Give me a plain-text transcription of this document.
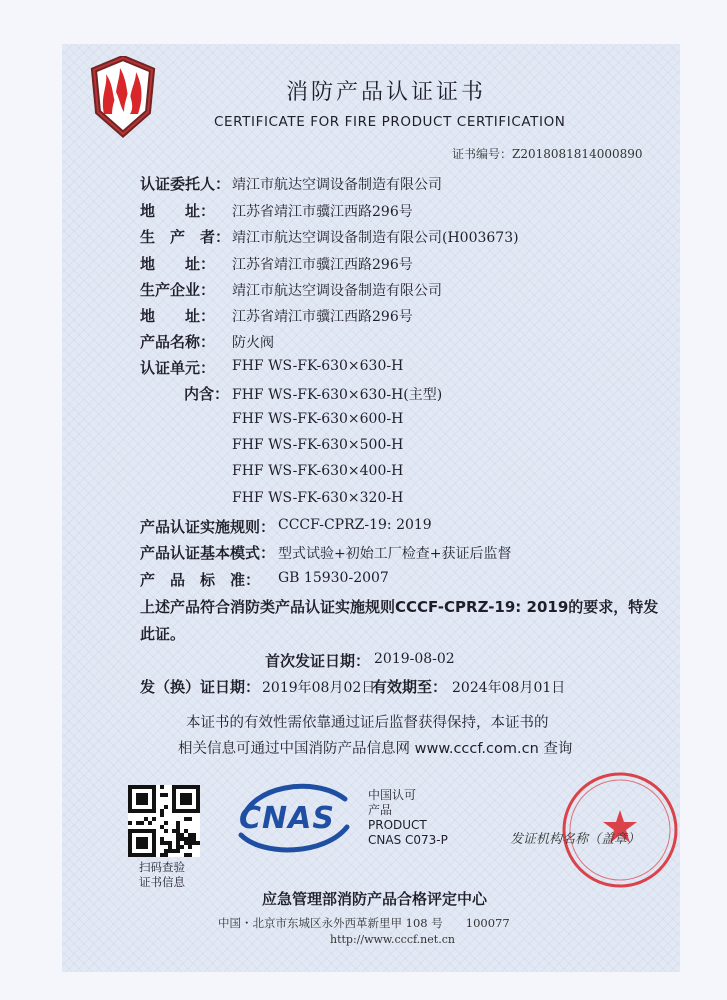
消防产品认证证书
CERTIFICATE FOR FIRE PRODUCT CERTIFICATION
证书编号：Z2018081814000890
认证委托人： 靖江市航达空调设备制造有限公司
地　　址： 江苏省靖江市骥江西路296号
生　产　者： 靖江市航达空调设备制造有限公司(H003673)
地　　址： 江苏省靖江市骥江西路296号
生产企业： 靖江市航达空调设备制造有限公司
地　　址： 江苏省靖江市骥江西路296号
产品名称： 防火阀
认证单元： FHF WS-FK-630×630-H
内含： FHF WS-FK-630×630-H(主型)
FHF WS-FK-630×600-H
FHF WS-FK-630×500-H
FHF WS-FK-630×400-H
FHF WS-FK-630×320-H
产品认证实施规则： CCCF-CPRZ-19: 2019
产品认证基本模式： 型式试验+初始工厂检查+获证后监督
产　品　标　准： GB 15930-2007
上述产品符合消防类产品认证实施规则CCCF-CPRZ-19: 2019的要求，特发
此证。
首次发证日期： 2019-08-02
发（换）证日期： 2019年08月02日
有效期至： 2024年08月01日
本证书的有效性需依靠通过证后监督获得保持，本证书的
相关信息可通过中国消防产品信息网 www.cccf.com.cn 查询
扫码查验
证书信息
CNAS
中国认可
产品
PRODUCT
CNAS C073-P	发证机构名称（盖章）
应急管理部消防产品合格评定中心
中国・北京市东城区永外西革新里甲 108 号　　100077
http://www.cccf.net.cn
